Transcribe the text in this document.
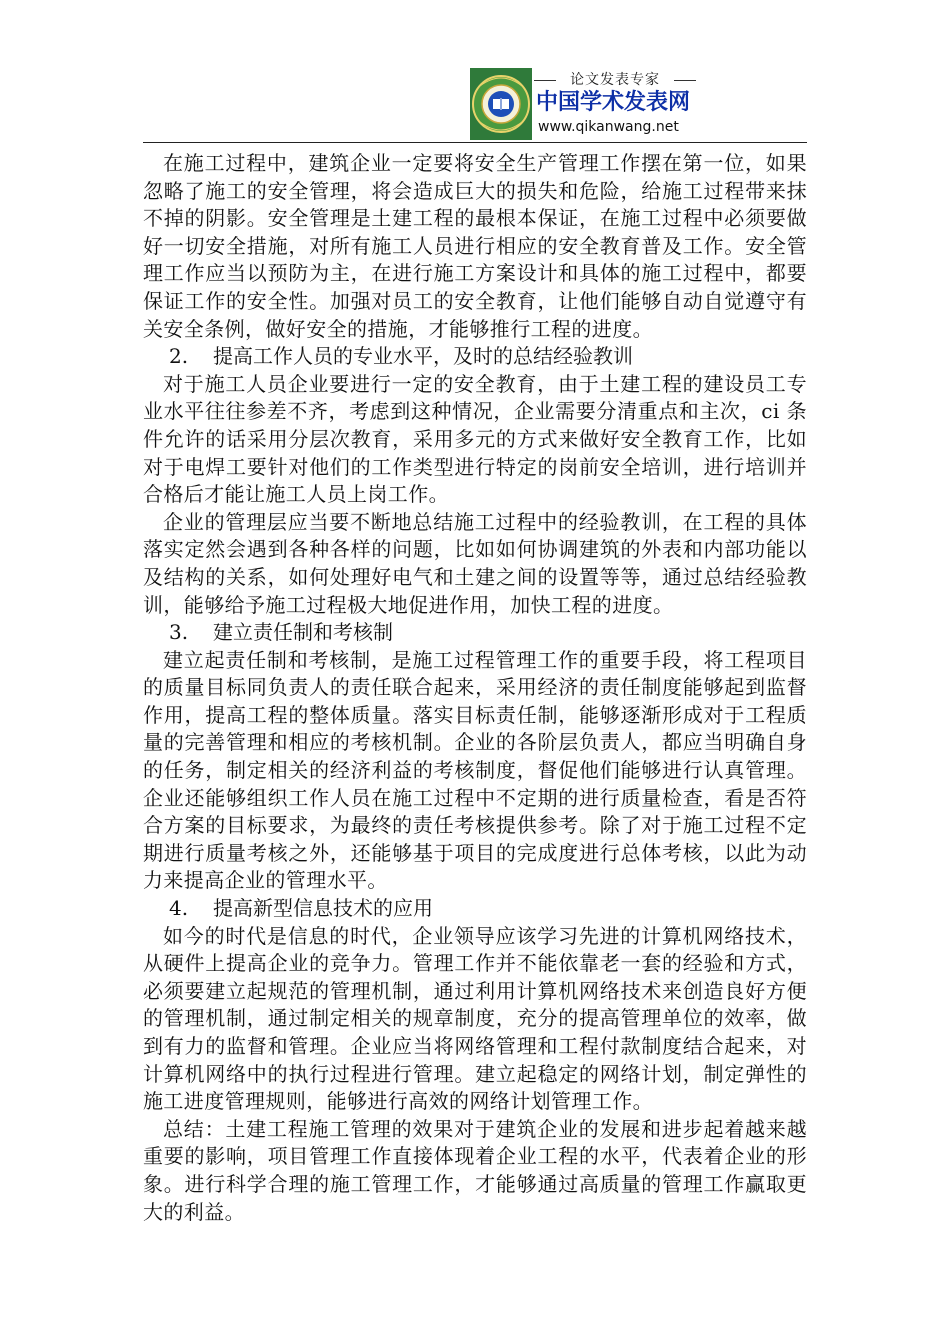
论文发表专家
中国学术发表网
www.qikanwang.net

在施工过程中，建筑企业一定要将安全生产管理工作摆在第一位，如果忽略了施工的安全管理，将会造成巨大的损失和危险，给施工过程带来抹不掉的阴影。安全管理是土建工程的最根本保证，在施工过程中必须要做好一切安全措施，对所有施工人员进行相应的安全教育普及工作。安全管理工作应当以预防为主，在进行施工方案设计和具体的施工过程中，都要保证工作的安全性。加强对员工的安全教育，让他们能够自动自觉遵守有关安全条例，做好安全的措施，才能够推行工程的进度。

2. 提高工作人员的专业水平，及时的总结经验教训

对于施工人员企业要进行一定的安全教育，由于土建工程的建设员工专业水平往往参差不齐，考虑到这种情况，企业需要分清重点和主次，ci 条件允许的话采用分层次教育，采用多元的方式来做好安全教育工作，比如对于电焊工要针对他们的工作类型进行特定的岗前安全培训，进行培训并合格后才能让施工人员上岗工作。

企业的管理层应当要不断地总结施工过程中的经验教训，在工程的具体落实定然会遇到各种各样的问题，比如如何协调建筑的外表和内部功能以及结构的关系，如何处理好电气和土建之间的设置等等，通过总结经验教训，能够给予施工过程极大地促进作用，加快工程的进度。

3. 建立责任制和考核制

建立起责任制和考核制，是施工过程管理工作的重要手段，将工程项目的质量目标同负责人的责任联合起来，采用经济的责任制度能够起到监督作用，提高工程的整体质量。落实目标责任制，能够逐渐形成对于工程质量的完善管理和相应的考核机制。企业的各阶层负责人，都应当明确自身的任务，制定相关的经济利益的考核制度，督促他们能够进行认真管理。企业还能够组织工作人员在施工过程中不定期的进行质量检查，看是否符合方案的目标要求，为最终的责任考核提供参考。除了对于施工过程不定期进行质量考核之外，还能够基于项目的完成度进行总体考核，以此为动力来提高企业的管理水平。

4. 提高新型信息技术的应用

如今的时代是信息的时代，企业领导应该学习先进的计算机网络技术，从硬件上提高企业的竞争力。管理工作并不能依靠老一套的经验和方式，必须要建立起规范的管理机制，通过利用计算机网络技术来创造良好方便的管理机制，通过制定相关的规章制度，充分的提高管理单位的效率，做到有力的监督和管理。企业应当将网络管理和工程付款制度结合起来，对计算机网络中的执行过程进行管理。建立起稳定的网络计划，制定弹性的施工进度管理规则，能够进行高效的网络计划管理工作。

总结：土建工程施工管理的效果对于建筑企业的发展和进步起着越来越重要的影响，项目管理工作直接体现着企业工程的水平，代表着企业的形象。进行科学合理的施工管理工作，才能够通过高质量的管理工作赢取更大的利益。
